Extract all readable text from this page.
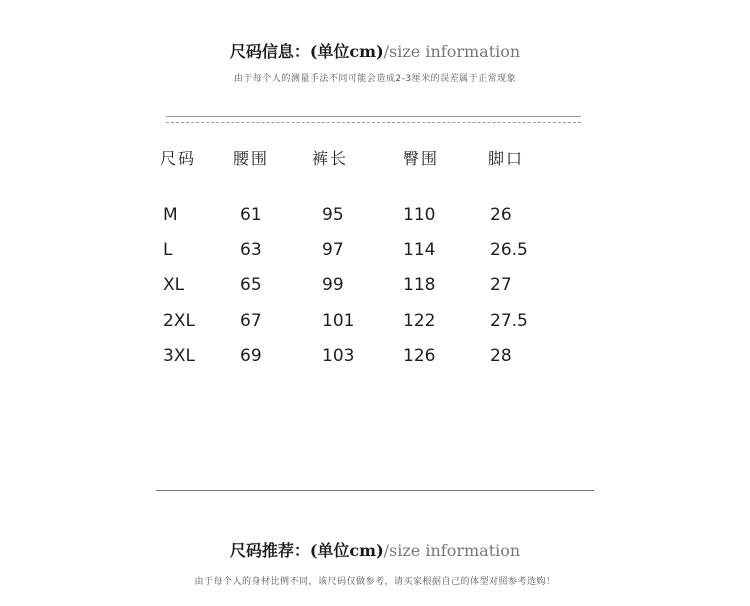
尺码信息：(单位cm)/size information
由于每个人的测量手法不同可能会造成2-3厘米的误差属于正常现象
尺码 腰围	裤长	臀围	脚口
M	61	95	110	26
L	63	97	114	26.5
XL	65	99	118	27
2XL	67	101	122	27.5
3XL	69	103	126	28
尺码推荐：(单位cm)/size information
由于每个人的身材比例不同，该尺码仅做参考，请买家根据自己的体型对照参考选购！
